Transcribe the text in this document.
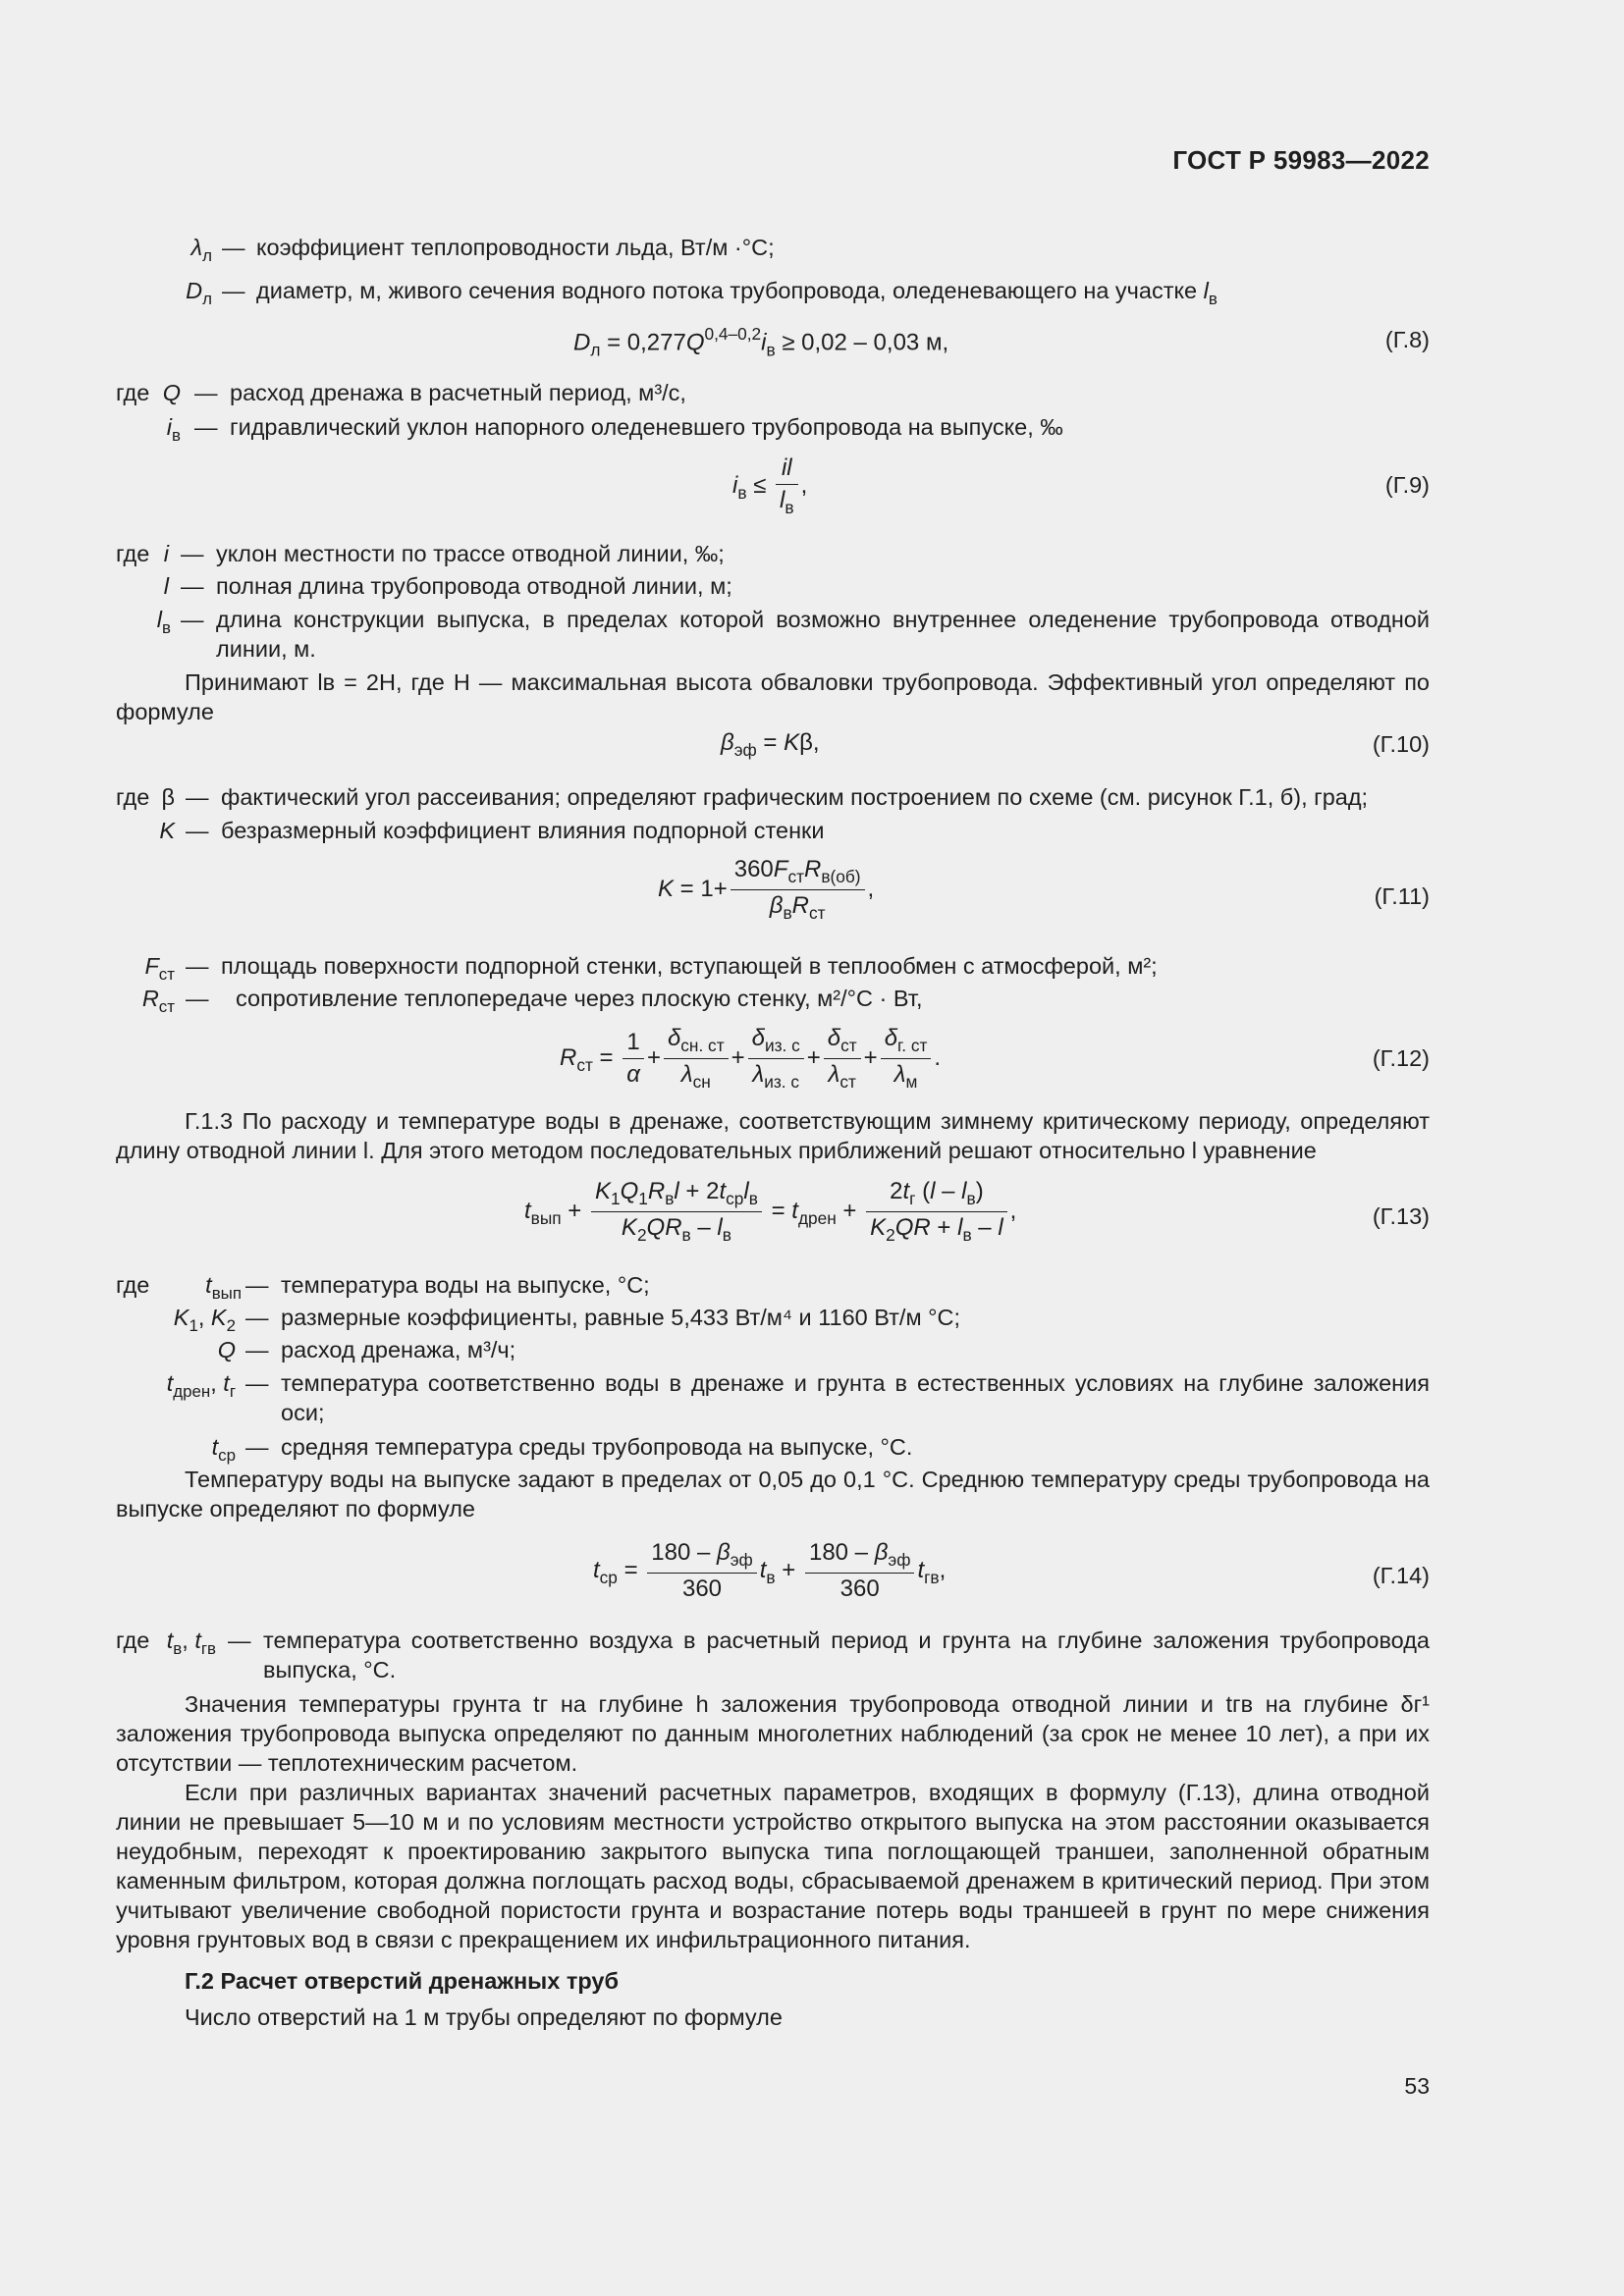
ГОСТ Р 59983—2022
$\lambda_л$ — коэффициент теплопроводности льда, Вт/м ·°С;
$D_л$ — диаметр, м, живого сечения водного потока трубопровода, оледеневающего на участке $l_в$
$D_л = 0,277Q^{0,4-0,2}i_в \ge 0,02 - 0,03$ м,	(Г.8)
где Q — расход дренажа в расчетный период, м³/с,
$i_в$ — гидравлический уклон напорного оледеневшего трубопровода на выпуске, ‰
$i_в \le \frac{il}{l_в}$ ,	(Г.9)
где i — уклон местности по трассе отводной линии, ‰;
l — полная длина трубопровода отводной линии, м;
$l_в$ — длина конструкции выпуска, в пределах которой возможно внутреннее оледенение трубопровода отводной линии, м.
Принимают lв = 2H, где H — максимальная высота обваловки трубопровода. Эффективный угол определяют по формуле
$\beta_{эф} = K\beta$,	(Г.10)
где β — фактический угол рассеивания; определяют графическим построением по схеме (см. рисунок Г.1, б), град;
K — безразмерный коэффициент влияния подпорной стенки
$K = 1+ \frac{360F_{ст}R_{в(об)}}{\beta_вR_{ст}}$ ,	(Г.11)
$F_{ст}$ — площадь поверхности подпорной стенки, вступающей в теплообмен с атмосферой, м²;
$R_{ст}$ — сопротивление теплопередаче через плоскую стенку, м²/°С · Вт,
$R_{ст} = \frac{1}{\alpha} + \frac{\delta_{сн. ст}}{\lambda_{сн}} + \frac{\delta_{из. с}}{\lambda_{из. с}} + \frac{\delta_{ст}}{\lambda_{ст}} + \frac{\delta_{г. ст}}{\lambda_м}$ .	(Г.12)
Г.1.3 По расходу и температуре воды в дренаже, соответствующим зимнему критическому периоду, определяют длину отводной линии l. Для этого методом последовательных приближений решают относительно l уравнение
$t_{вып} + \frac{K_1Q_1R_вl + 2t_{ср}l_в}{K_2QR_в - l_в} = t_{дрен} + \frac{2t_г (l - l_в)}{K_2QR + l_в - l}$ ,	(Г.13)
где	$t_{вып}$ — температура воды на выпуске, °С;
$K_1$, $K_2$ — размерные коэффициенты, равные 5,433 Вт/м⁴ и 1160 Вт/м °С;
Q — расход дренажа, м³/ч;
$t_{дрен}$, $t_г$ — температура соответственно воды в дренаже и грунта в естественных условиях на глубине заложения оси;
$t_{ср}$ — средняя температура среды трубопровода на выпуске, °С.
Температуру воды на выпуске задают в пределах от 0,05 до 0,1 °С. Среднюю температуру среды трубопровода на выпуске определяют по формуле
$t_{ср} = \frac{180 - \beta_{эф}}{360} t_в + \frac{180 - \beta_{эф}}{360} t_{гв}$,	(Г.14)
где $t_в$, $t_{гв}$ — температура соответственно воздуха в расчетный период и грунта на глубине заложения трубопровода выпуска, °С.
Значения температуры грунта tг на глубине h заложения трубопровода отводной линии и tгв на глубине δг¹ заложения трубопровода выпуска определяют по данным многолетних наблюдений (за срок не менее 10 лет), а при их отсутствии — теплотехническим расчетом.
Если при различных вариантах значений расчетных параметров, входящих в формулу (Г.13), длина отводной линии не превышает 5—10 м и по условиям местности устройство открытого выпуска на этом расстоянии оказывается неудобным, переходят к проектированию закрытого выпуска типа поглощающей траншеи, заполненной обратным каменным фильтром, которая должна поглощать расход воды, сбрасываемой дренажем в критический период. При этом учитывают увеличение свободной пористости грунта и возрастание потерь воды траншеей в грунт по мере снижения уровня грунтовых вод в связи с прекращением их инфильтрационного питания.
Г.2 Расчет отверстий дренажных труб
Число отверстий на 1 м трубы определяют по формуле
53
